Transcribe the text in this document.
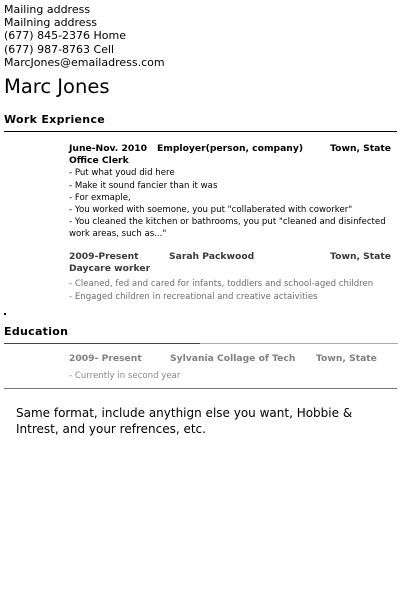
Mailing address
Mailning address
(677) 845-2376 Home
(677) 987-8763 Cell
MarcJones@emailadress.com
Marc Jones
Work Exprience
June-Nov. 2010	Employer(person, company)	Town, State
Office Clerk
- Put what youd did here
- Make it sound fancier than it was
- For exmaple,
- You worked with soemone, you put "collaberated with coworker"
- You cleaned the kitchen or bathrooms, you put "cleaned and disinfected work areas, such as..."
2009-Present	Sarah Packwood	Town, State
Daycare worker
- Cleaned, fed and cared for infants, toddlers and school-aged children
- Engaged children in recreational and creative actaivities
Education
2009- Present	Sylvania Collage of Tech	Town, State
- Currently in second year
Same format, include anythign else you want, Hobbie & Intrest, and your refrences, etc.
